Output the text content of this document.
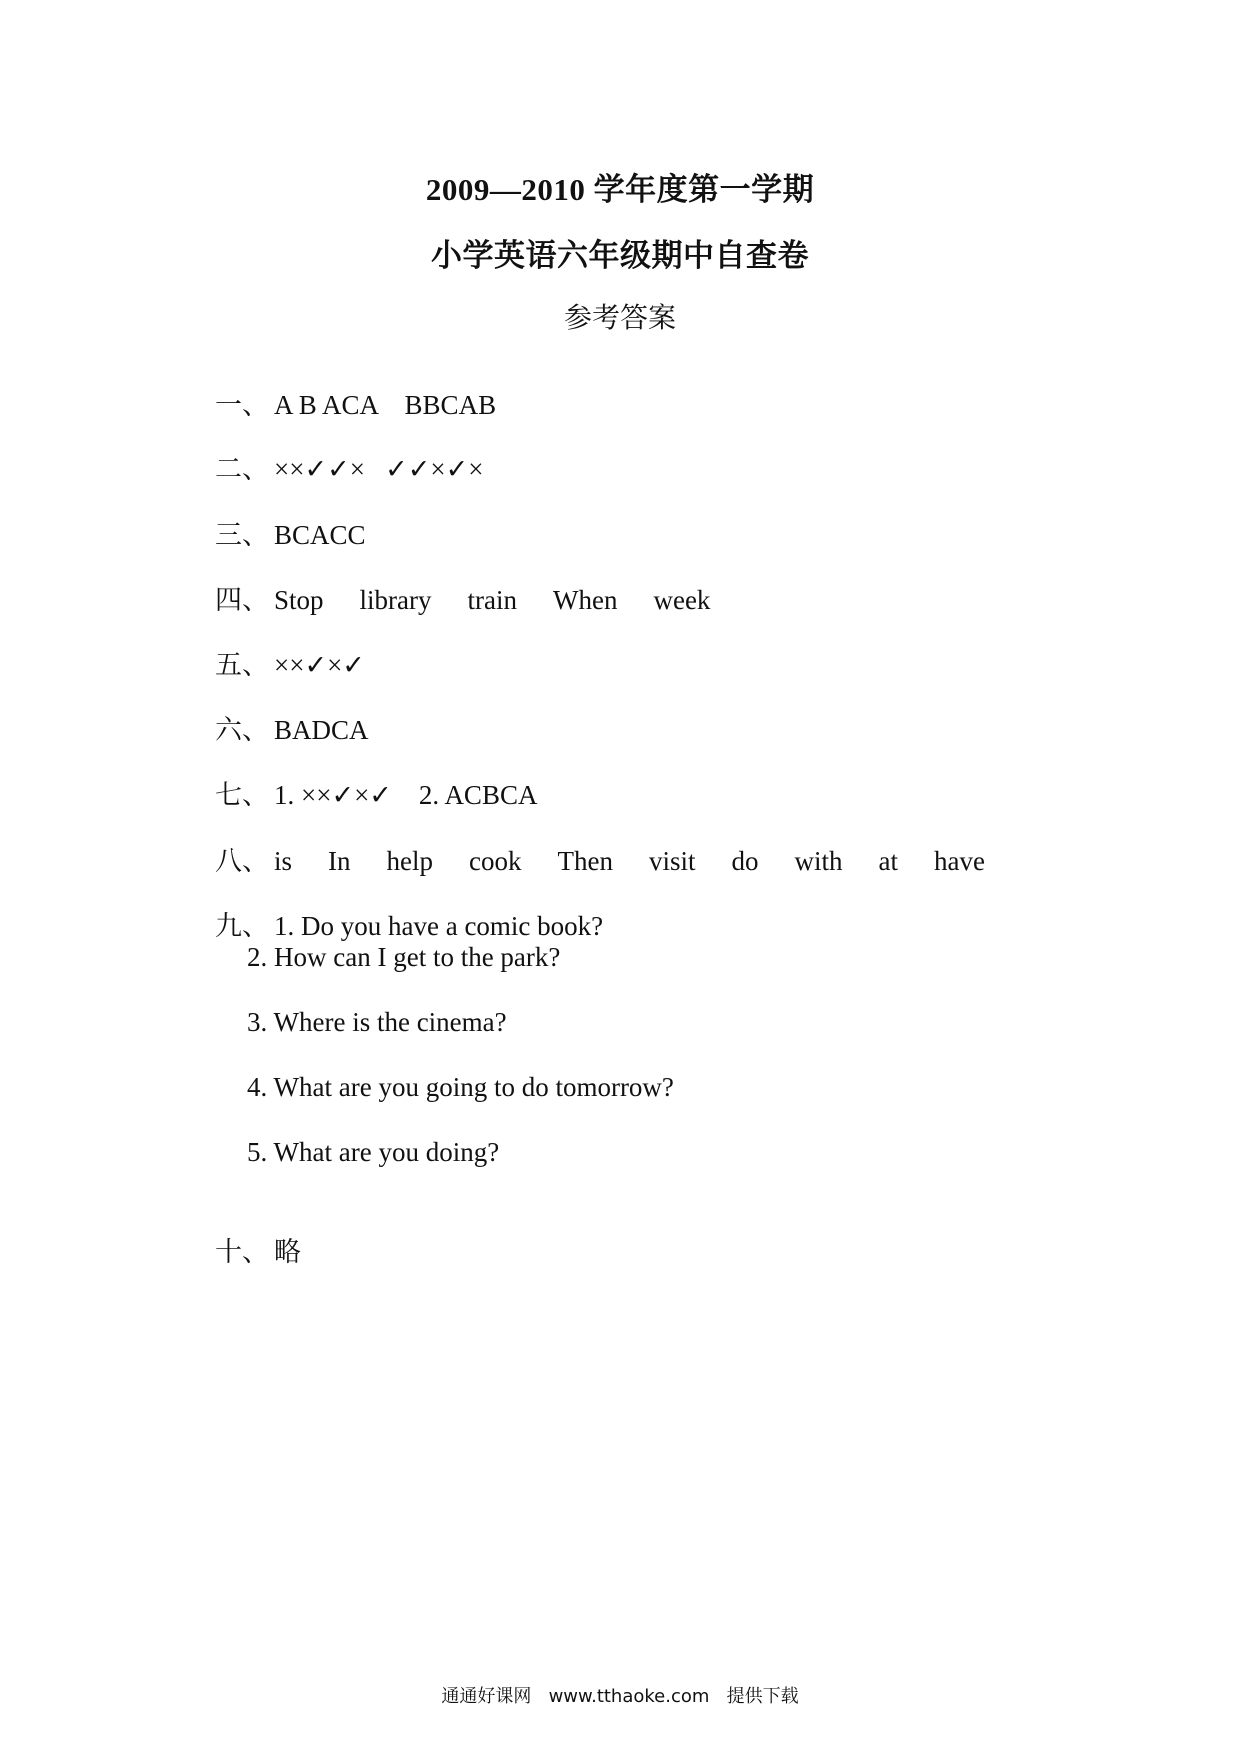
2009—2010 学年度第一学期
小学英语六年级期中自查卷
参考答案

一、 A B ACA    BBCAB

二、 ××✓✓×   ✓✓×✓×

三、 BCACC

四、 Stop library train When week

五、 ××✓×✓

六、 BADCA

七、 1. ××✓×✓    2. ACBCA

八、 is In help cook Then visit do with at have

九、 1. Do you have a comic book?

2. How can I get to the park?
3. Where is the cinema?
4. What are you going to do tomorrow?
5. What are you doing?

十、 略

通通好课网   www.tthaoke.com   提供下载
